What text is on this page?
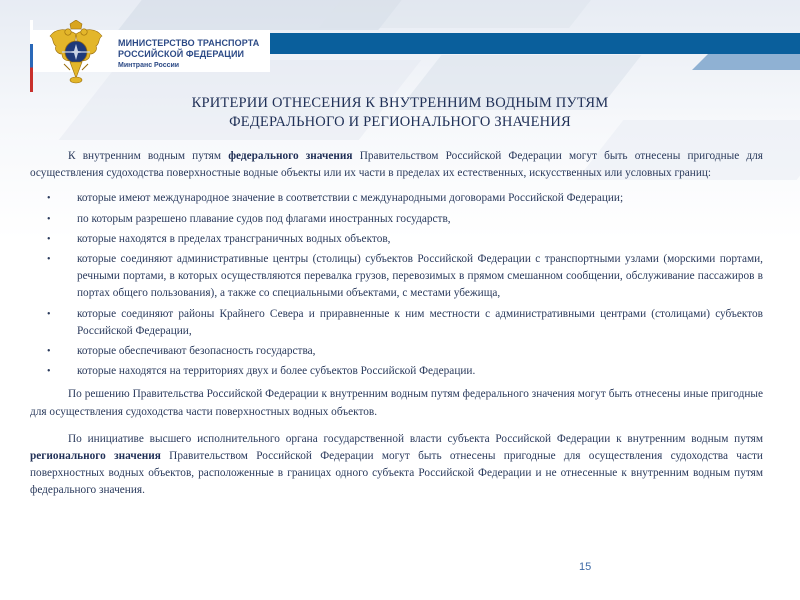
МИНИСТЕРСТВО ТРАНСПОРТА
РОССИЙСКОЙ ФЕДЕРАЦИИ
Минтранс России
КРИТЕРИИ ОТНЕСЕНИЯ К ВНУТРЕННИМ ВОДНЫМ ПУТЯМ
ФЕДЕРАЛЬНОГО И РЕГИОНАЛЬНОГО ЗНАЧЕНИЯ

К внутренним водным путям федерального значения Правительством Российской Федерации могут быть отнесены пригодные для осуществления судоходства поверхностные водные объекты или их части в пределах их естественных, искусственных или условных границ:

• которые имеют международное значение в соответствии с международными договорами Российской Федерации;
• по которым разрешено плавание судов под флагами иностранных государств,
• которые находятся в пределах трансграничных водных объектов,
• которые соединяют административные центры (столицы) субъектов Российской Федерации с транспортными узлами (морскими портами, речными портами, в которых осуществляются перевалка грузов, перевозимых в прямом смешанном сообщении, обслуживание пассажиров в портах общего пользования), а также со специальными объектами, с местами убежища,
• которые соединяют районы Крайнего Севера и приравненные к ним местности с административными центрами (столицами) субъектов Российской Федерации,
• которые обеспечивают безопасность государства,
• которые находятся на территориях двух и более субъектов Российской Федерации.

По решению Правительства Российской Федерации к внутренним водным путям федерального значения могут быть отнесены иные пригодные для осуществления судоходства части поверхностных водных объектов.

По инициативе высшего исполнительного органа государственной власти субъекта Российской Федерации к внутренним водным путям регионального значения Правительством Российской Федерации могут быть отнесены пригодные для осуществления судоходства части поверхностных водных объектов, расположенные в границах одного субъекта Российской Федерации и не отнесенные к внутренним водным путям федерального значения.

15
